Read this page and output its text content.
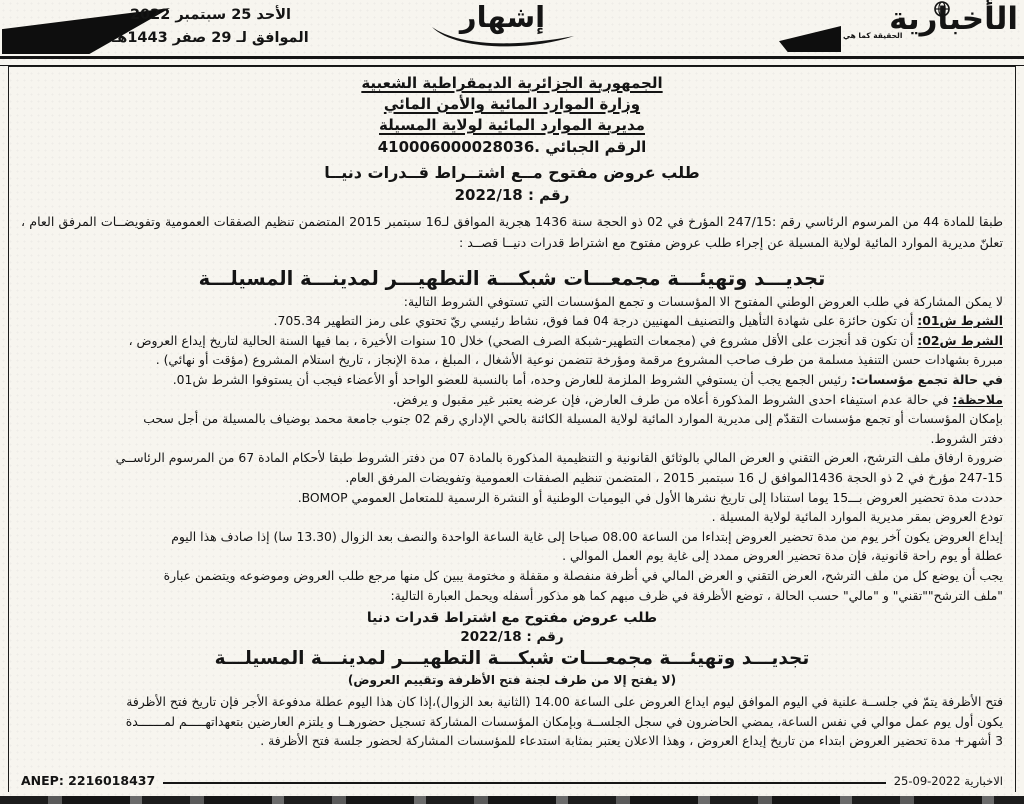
الأحد 25 سبتمبر 2022
الموافق لـ 29 صفر 1443هـ
إشهار	الأخبارية
الحقيقة كما هي
الجمهورية الجزائرية الديمقراطية الشعبية
وزارة الموارد المائية والأمن المائي
مديرية الموارد المائية لولاية المسيلة
الرقم الجبائي .410006000028036
طلب عروض مفتوح مــع اشتــراط قــدرات دنيــا
رقم : 2022/18

طبقا للمادة 44 من المرسوم الرئاسي رقم :247/15 المؤرخ في 02 ذو الحجة سنة 1436 هجرية الموافق لـ16 سبتمبر 2015 المتضمن تنظيم الصفقات العمومية وتفويضــات المرفق العام ، تعلنّ مديرية الموارد المائية لولاية المسيلة عن إجراء طلب عروض مفتوح مع اشتراط قدرات دنيــا قصــد :

تجديـــد وتهيئـــة مجمعـــات شبكـــة التطهيـــر لمدينـــة المسيلـــة
لا يمكن المشاركة في طلب العروض الوطني المفتوح الا المؤسسات و تجمع المؤسسات التي تستوفي الشروط التالية:
الشرط ش01: أن تكون حائزة على شهادة التأهيل والتصنيف المهنيين درجة 04 فما فوق، نشاط رئيسي ريّ تحتوي على رمز التطهير 705.34.
الشرط ش02: أن تكون قد أنجزت على الأقل مشروع في (مجمعات التطهير-شبكة الصرف الصحي) خلال 10 سنوات الأخيرة ، بما فيها السنة الحالية لتاريخ إيداع العروض ،
مبررة بشهادات حسن التنفيذ مسلمة من طرف صاحب المشروع مرقمة ومؤرخة تتضمن نوعية الأشغال ، المبلغ ، مدة الإنجاز ، تاريخ استلام المشروع (مؤقت أو نهائي) .
في حالة تجمع مؤسسات: رئيس الجمع يجب أن يستوفي الشروط الملزمة للعارض وحده، أما بالنسبة للعضو الواحد أو الأعضاء فيجب أن يستوفوا الشرط ش01.
ملاحظة: في حالة عدم استيفاء احدى الشروط المذكورة أعلاه من طرف العارض، فإن عرضه يعتبر غير مقبول و يرفض.
بإمكان المؤسسات أو تجمع مؤسسات التقدّم إلى مديرية الموارد المائية لولاية المسيلة الكائنة بالحي الإداري رقم 02 جنوب جامعة محمد بوضياف بالمسيلة من أجل سحب
دفتر الشروط.
ضرورة ارفاق ملف الترشح، العرض التقني و العرض المالي بالوثائق القانونية و التنظيمية المذكورة بالمادة 07 من دفتر الشروط طبقا لأحكام المادة 67 من المرسوم الرئاســي
247-15 مؤرخ في 2 ذو الحجة 1436الموافق ل 16 سبتمبر 2015 ، المتضمن تنظيم الصفقات العمومية وتفويضات المرفق العام.
حددت مدة تحضير العروض بـــ15 يوما استنادا إلى تاريخ نشرها الأول في اليوميات الوطنية أو النشرة الرسمية للمتعامل العمومي BOMOP.
تودع العروض بمقر مديرية الموارد المائية لولاية المسيلة .
إيداع العروض يكون آخر يوم من مدة تحضير العروض إبتداءا من الساعة 08.00 صباحا إلى غاية الساعة الواحدة والنصف بعد الزوال (13.30 سا) إذا صادف هذا اليوم
عطلة أو يوم راحة قانونية، فإن مدة تحضير العروض ممدد إلى غاية يوم العمل الموالي .
يجب أن يوضع كل من ملف الترشح، العرض التقني و العرض المالي في أظرفة منفصلة و مقفلة و مختومة يبين كل منها مرجع طلب العروض وموضوعه ويتضمن عبارة
"ملف الترشح""تقني" و "مالي" حسب الحالة ، توضع الأظرفة في ظرف مبهم كما هو مذكور أسفله ويحمل العبارة التالية:
طلب عروض مفتوح مع اشتراط قدرات دنيا
رقم : 2022/18
تجديـــد وتهيئـــة مجمعـــات شبكـــة التطهيـــر لمدينـــة المسيلـــة
(لا يفتح إلا من طرف لجنة فتح الأظرفة وتقييم العروض)
فتح الأظرفة يتمّ في جلســة علنية في اليوم الموافق ليوم ايداع العروض على الساعة 14.00 (الثانية بعد الزوال)،إذا كان هذا اليوم عطلة مدفوعة الأجر فإن تاريخ فتح الأظرفة
يكون أول يوم عمل موالي في نفس الساعة، يمضي الحاضرون في سجل الجلســة وبإمكان المؤسسات المشاركة تسجيل حضورهــا و يلتزم العارضين بتعهداتهـــــم لمـــــــدة
3 أشهر+ مدة تحضير العروض ابتداء من تاريخ إيداع العروض ، وهذا الاعلان يعتبر بمثابة استدعاء للمؤسسات المشاركة لحضور جلسة فتح الأظرفة .
ANEP: 2216018437	الاخبارية 2022-09-25
